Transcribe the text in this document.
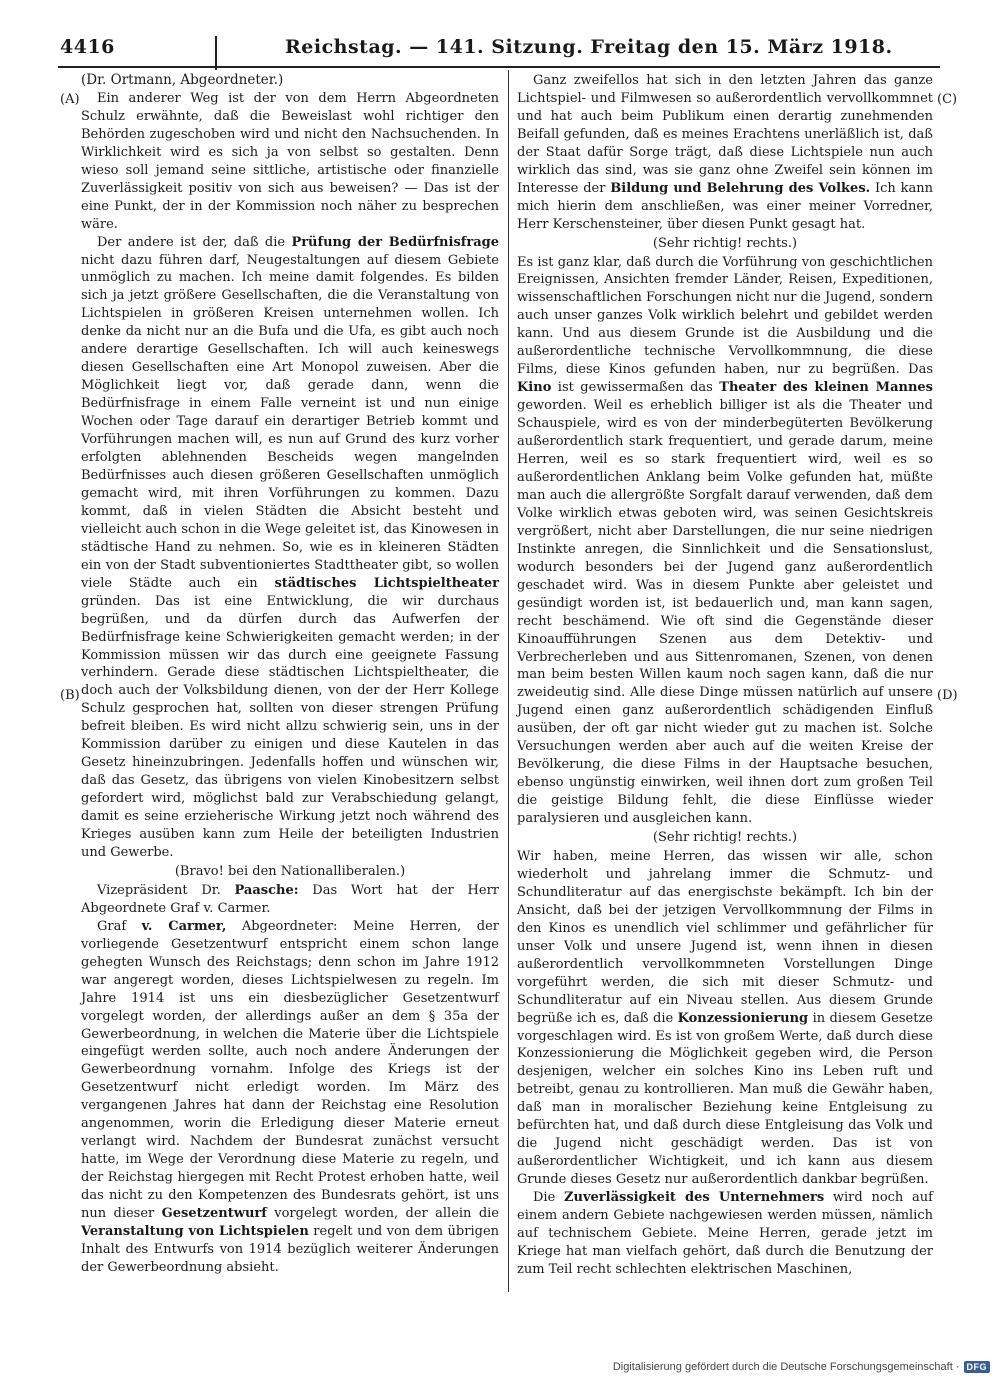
4416	Reichstag. — 141. Sitzung. Freitag den 15. März 1918.
(A)
(B)
(C)
(D)

(Dr. Ortmann, Abgeordneter.)

Ein anderer Weg ist der von dem Herrn Abgeordneten Schulz erwähnte, daß die Beweislast wohl richtiger den Behörden zugeschoben wird und nicht den Nachsuchenden. In Wirklichkeit wird es sich ja von selbst so gestalten. Denn wieso soll jemand seine sittliche, artistische oder finanzielle Zuverlässigkeit positiv von sich aus beweisen? — Das ist der eine Punkt, der in der Kommission noch näher zu besprechen wäre.

Der andere ist der, daß die Prüfung der Bedürfnisfrage nicht dazu führen darf, Neugestaltungen auf diesem Gebiete unmöglich zu machen. Ich meine damit folgendes. Es bilden sich ja jetzt größere Gesellschaften, die die Veranstaltung von Lichtspielen in größeren Kreisen unternehmen wollen. Ich denke da nicht nur an die Bufa und die Ufa, es gibt auch noch andere derartige Gesellschaften. Ich will auch keineswegs diesen Gesellschaften eine Art Monopol zuweisen. Aber die Möglichkeit liegt vor, daß gerade dann, wenn die Bedürfnisfrage in einem Falle verneint ist und nun einige Wochen oder Tage darauf ein derartiger Betrieb kommt und Vorführungen machen will, es nun auf Grund des kurz vorher erfolgten ablehnenden Bescheids wegen mangelnden Bedürfnisses auch diesen größeren Gesellschaften unmöglich gemacht wird, mit ihren Vorführungen zu kommen. Dazu kommt, daß in vielen Städten die Absicht besteht und vielleicht auch schon in die Wege geleitet ist, das Kinowesen in städtische Hand zu nehmen. So, wie es in kleineren Städten ein von der Stadt subventioniertes Stadttheater gibt, so wollen viele Städte auch ein städtisches Lichtspieltheater gründen. Das ist eine Entwicklung, die wir durchaus begrüßen, und da dürfen durch das Aufwerfen der Bedürfnisfrage keine Schwierigkeiten gemacht werden; in der Kommission müssen wir das durch eine geeignete Fassung verhindern. Gerade diese städtischen Lichtspieltheater, die doch auch der Volksbildung dienen, von der der Herr Kollege Schulz gesprochen hat, sollten von dieser strengen Prüfung befreit bleiben. Es wird nicht allzu schwierig sein, uns in der Kommission darüber zu einigen und diese Kautelen in das Gesetz hineinzubringen. Jedenfalls hoffen und wünschen wir, daß das Gesetz, das übrigens von vielen Kinobesitzern selbst gefordert wird, möglichst bald zur Verabschiedung gelangt, damit es seine erzieherische Wirkung jetzt noch während des Krieges ausüben kann zum Heile der beteiligten Industrien und Gewerbe.

(Bravo! bei den Nationalliberalen.)

Vizepräsident Dr. Paasche: Das Wort hat der Herr Abgeordnete Graf v. Carmer.

Graf v. Carmer, Abgeordneter: Meine Herren, der vorliegende Gesetzentwurf entspricht einem schon lange gehegten Wunsch des Reichstags; denn schon im Jahre 1912 war angeregt worden, dieses Lichtspielwesen zu regeln. Im Jahre 1914 ist uns ein diesbezüglicher Gesetzentwurf vorgelegt worden, der allerdings außer an dem § 35a der Gewerbeordnung, in welchen die Materie über die Lichtspiele eingefügt werden sollte, auch noch andere Änderungen der Gewerbeordnung vornahm. Infolge des Kriegs ist der Gesetzentwurf nicht erledigt worden. Im März des vergangenen Jahres hat dann der Reichstag eine Resolution angenommen, worin die Erledigung dieser Materie erneut verlangt wird. Nachdem der Bundesrat zunächst versucht hatte, im Wege der Verordnung diese Materie zu regeln, und der Reichstag hiergegen mit Recht Protest erhoben hatte, weil das nicht zu den Kompetenzen des Bundesrats gehört, ist uns nun dieser Gesetzentwurf vorgelegt worden, der allein die Veranstaltung von Lichtspielen regelt und von dem übrigen Inhalt des Entwurfs von 1914 bezüglich weiterer Änderungen der Gewerbeordnung absieht.

Ganz zweifellos hat sich in den letzten Jahren das ganze Lichtspiel- und Filmwesen so außerordentlich vervollkommnet und hat auch beim Publikum einen derartig zunehmenden Beifall gefunden, daß es meines Erachtens unerläßlich ist, daß der Staat dafür Sorge trägt, daß diese Lichtspiele nun auch wirklich das sind, was sie ganz ohne Zweifel sein können im Interesse der Bildung und Belehrung des Volkes. Ich kann mich hierin dem anschließen, was einer meiner Vorredner, Herr Kerschensteiner, über diesen Punkt gesagt hat.

(Sehr richtig! rechts.)

Es ist ganz klar, daß durch die Vorführung von geschichtlichen Ereignissen, Ansichten fremder Länder, Reisen, Expeditionen, wissenschaftlichen Forschungen nicht nur die Jugend, sondern auch unser ganzes Volk wirklich belehrt und gebildet werden kann. Und aus diesem Grunde ist die Ausbildung und die außerordentliche technische Vervollkommnung, die diese Films, diese Kinos gefunden haben, nur zu begrüßen. Das Kino ist gewissermaßen das Theater des kleinen Mannes geworden. Weil es erheblich billiger ist als die Theater und Schauspiele, wird es von der minderbegüterten Bevölkerung außerordentlich stark frequentiert, und gerade darum, meine Herren, weil es so stark frequentiert wird, weil es so außerordentlichen Anklang beim Volke gefunden hat, müßte man auch die allergrößte Sorgfalt darauf verwenden, daß dem Volke wirklich etwas geboten wird, was seinen Gesichtskreis vergrößert, nicht aber Darstellungen, die nur seine niedrigen Instinkte anregen, die Sinnlichkeit und die Sensationslust, wodurch besonders bei der Jugend ganz außerordentlich geschadet wird. Was in diesem Punkte aber geleistet und gesündigt worden ist, ist bedauerlich und, man kann sagen, recht beschämend. Wie oft sind die Gegenstände dieser Kinoaufführungen Szenen aus dem Detektiv- und Verbrecherleben und aus Sittenromanen, Szenen, von denen man beim besten Willen kaum noch sagen kann, daß die nur zweideutig sind. Alle diese Dinge müssen natürlich auf unsere Jugend einen ganz außerordentlich schädigenden Einfluß ausüben, der oft gar nicht wieder gut zu machen ist. Solche Versuchungen werden aber auch auf die weiten Kreise der Bevölkerung, die diese Films in der Hauptsache besuchen, ebenso ungünstig einwirken, weil ihnen dort zum großen Teil die geistige Bildung fehlt, die diese Einflüsse wieder paralysieren und ausgleichen kann.

(Sehr richtig! rechts.)

Wir haben, meine Herren, das wissen wir alle, schon wiederholt und jahrelang immer die Schmutz- und Schundliteratur auf das energischste bekämpft. Ich bin der Ansicht, daß bei der jetzigen Vervollkommnung der Films in den Kinos es unendlich viel schlimmer und gefährlicher für unser Volk und unsere Jugend ist, wenn ihnen in diesen außerordentlich vervollkommneten Vorstellungen Dinge vorgeführt werden, die sich mit dieser Schmutz- und Schundliteratur auf ein Niveau stellen. Aus diesem Grunde begrüße ich es, daß die Konzessionierung in diesem Gesetze vorgeschlagen wird. Es ist von großem Werte, daß durch diese Konzessionierung die Möglichkeit gegeben wird, die Person desjenigen, welcher ein solches Kino ins Leben ruft und betreibt, genau zu kontrollieren. Man muß die Gewähr haben, daß man in moralischer Beziehung keine Entgleisung zu befürchten hat, und daß durch diese Entgleisung das Volk und die Jugend nicht geschädigt werden. Das ist von außerordentlicher Wichtigkeit, und ich kann aus diesem Grunde dieses Gesetz nur außerordentlich dankbar begrüßen.

Die Zuverlässigkeit des Unternehmers wird noch auf einem andern Gebiete nachgewiesen werden müssen, nämlich auf technischem Gebiete. Meine Herren, gerade jetzt im Kriege hat man vielfach gehört, daß durch die Benutzung der zum Teil recht schlechten elektrischen Maschinen,

Digitalisierung gefördert durch die Deutsche Forschungsgemeinschaft · DFG
